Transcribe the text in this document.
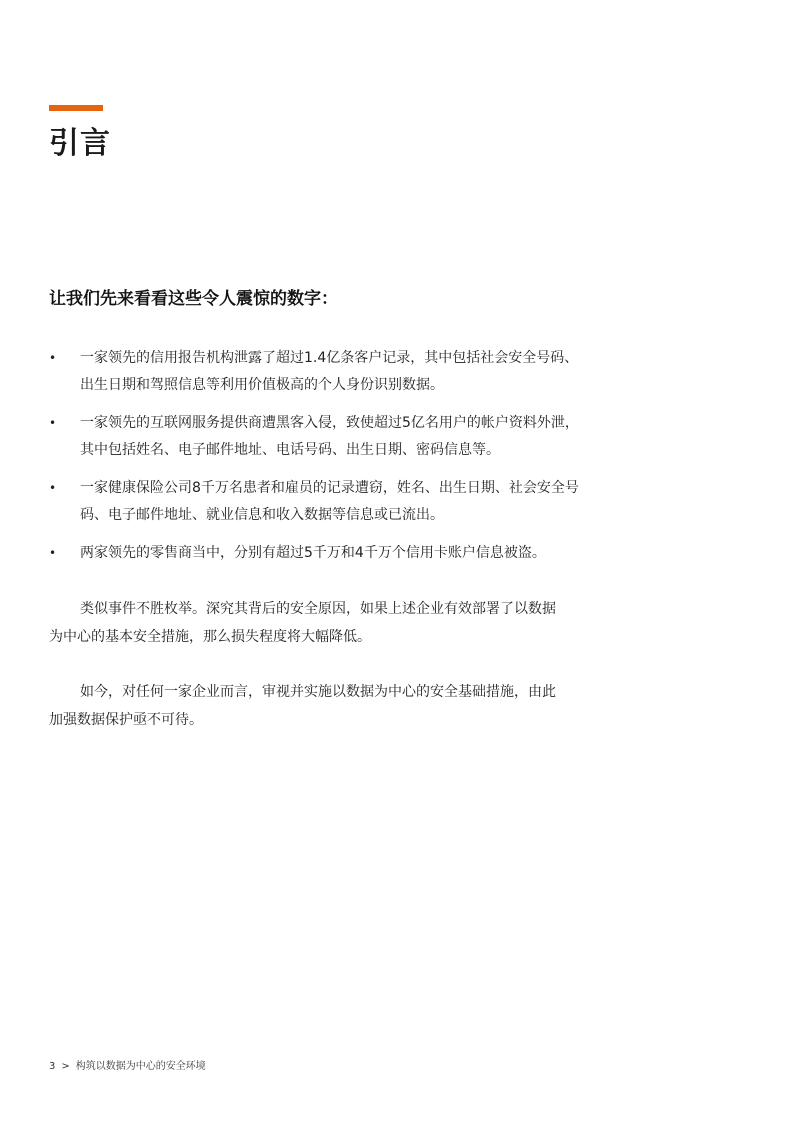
引言
让我们先来看看这些令人震惊的数字：
• 一家领先的信用报告机构泄露了超过1.4亿条客户记录，其中包括社会安全号码、出生日期和驾照信息等利用价值极高的个人身份识别数据。
• 一家领先的互联网服务提供商遭黑客入侵，致使超过5亿名用户的帐户资料外泄，其中包括姓名、电子邮件地址、电话号码、出生日期、密码信息等。
• 一家健康保险公司8千万名患者和雇员的记录遭窃，姓名、出生日期、社会安全号码、电子邮件地址、就业信息和收入数据等信息或已流出。
• 两家领先的零售商当中，分别有超过5千万和4千万个信用卡账户信息被盗。

类似事件不胜枚举。深究其背后的安全原因，如果上述企业有效部署了以数据为中心的基本安全措施，那么损失程度将大幅降低。

如今，对任何一家企业而言，审视并实施以数据为中心的安全基础措施，由此加强数据保护亟不可待。

3 > 构筑以数据为中心的安全环境
